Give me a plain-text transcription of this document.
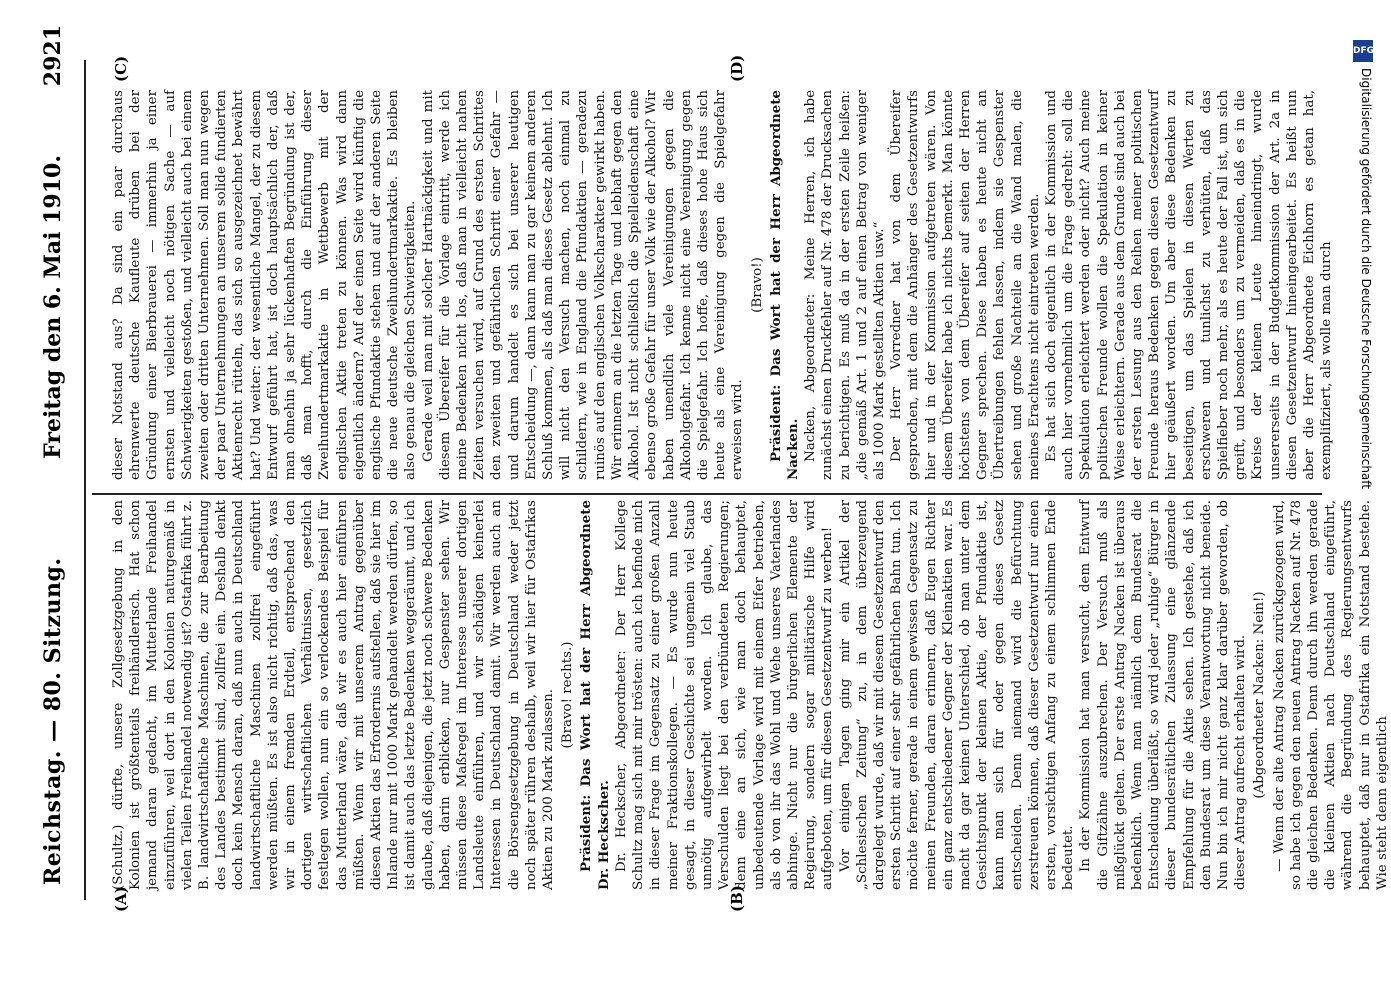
Reichstag. — 80. Sitzung.
Freitag den 6. Mai 1910.
2921
(A)	(B)
(C)	(D)

(Schultz.) dürfte, unsere Zollgesetzgebung in den Kolonien ist größtenteils freihändlerisch. Hat schon jemand daran gedacht, im Mutterlande Freihandel einzuführen, weil dort in den Kolonien naturgemäß in vielen Teilen Freihandel notwendig ist? Ostafrika führt z. B. landwirtschaftliche Maschinen, die zur Bearbeitung des Landes bestimmt sind, zollfrei ein. Deshalb denkt doch kein Mensch daran, daß nun auch in Deutschland landwirtschaftliche Maschinen zollfrei eingeführt werden müßten. Es ist also nicht richtig, daß das, was wir in einem fremden Erdteil, entsprechend den dortigen wirtschaftlichen Verhältnissen, gesetzlich festlegen wollen, nun ein so verlockendes Beispiel für das Mutterland wäre, daß wir es auch hier einführen müßten. Wenn wir mit unserem Antrag gegenüber diesen Aktien das Erfordernis aufstellen, daß sie hier im Inlande nur mit 1000 Mark gehandelt werden dürfen, so ist damit auch das letzte Bedenken weggeräumt, und ich glaube, daß diejenigen, die jetzt noch schwere Bedenken haben, darin erblicken, nur Gespenster sehen. Wir müssen diese Maßregel im Interesse unserer dortigen Landsleute einführen, und wir schädigen keinerlei Interessen in Deutschland damit. Wir werden auch an die Börsengesetzgebung in Deutschland weder jetzt noch später rühren deshalb, weil wir hier für Ostafrikas Aktien zu 200 Mark zulassen. (Bravo! rechts.) Präsident: Das Wort hat der Herr Abgeordnete Dr. Heckscher. Dr. Heckscher, Abgeordneter: Der Herr Kollege Schultz mag sich mit mir trösten: auch ich befinde mich in dieser Frage im Gegensatz zu einer großen Anzahl meiner Fraktionskollegen. — Es wurde nun heute gesagt, in dieser Geschichte sei ungemein viel Staub unnötig aufgewirbelt worden. Ich glaube, das Verschulden liegt bei den verbündeten Regierungen; denn eine an sich, wie man doch behauptet, unbedeutende Vorlage wird mit einem Eifer betrieben, als ob von ihr das Wohl und Wehe unseres Vaterlandes abhinge. Nicht nur die bürgerlichen Elemente der Regierung, sondern sogar militärische Hilfe wird aufgeboten, um für diesen Gesetzentwurf zu werben! Vor einigen Tagen ging mir ein Artikel der „Schlesischen Zeitung“ zu, in dem überzeugend dargelegt wurde, daß wir mit diesem Gesetzentwurf den ersten Schritt auf einer sehr gefährlichen Bahn tun. Ich möchte ferner, gerade in einem gewissen Gegensatz zu meinen Freunden, daran erinnern, daß Eugen Richter ein ganz entschiedener Gegner der Kleinaktien war. Es macht da gar keinen Unterschied, ob man unter dem Gesichtspunkt der kleinen Aktie, der Pfundaktie ist, kann man sich für oder gegen dieses Gesetz entscheiden. Denn niemand wird die Befürchtung zerstreuen können, daß dieser Gesetzentwurf nur einen ersten, vorsichtigen Anfang zu einem schlimmen Ende bedeutet. In der Kommission hat man versucht, dem Entwurf die Giftzähne auszubrechen. Der Versuch muß als mißglückt gelten. Der erste Antrag Nacken ist überaus bedenklich. Wenn man nämlich dem Bundesrat die Entscheidung überläßt, so wird jeder „ruhige“ Bürger in dieser bundesrätlichen Zulassung eine glänzende Empfehlung für die Aktie sehen. Ich gestehe, daß ich den Bundesrat um diese Verantwortung nicht beneide. Nun bin ich mir nicht ganz klar darüber geworden, ob dieser Antrag aufrecht erhalten wird. (Abgeordneter Nacken: Nein!) — Wenn der alte Antrag Nacken zurückgezogen wird, so habe ich gegen den neuen Antrag Nacken auf Nr. 478 die gleichen Bedenken. Denn durch ihn werden gerade die kleinen Aktien nach Deutschland eingeführt, während die Begründung des Regierungsentwurfs behauptet, daß nur in Ostafrika ein Notstand bestehe. Wie steht denn eigentlich

dieser Notstand aus? Da sind ein paar durchaus ehrenwerte deutsche Kaufleute drüben bei der Gründung einer Bierbrauerei — immerhin ja einer ernsten und vielleicht noch nötigen Sache — auf Schwierigkeiten gestoßen, und vielleicht auch bei einem zweiten oder dritten Unternehmen. Soll man nun wegen der paar Unternehmungen an unserem solide fundierten Aktienrecht rütteln, das sich so ausgezeichnet bewährt hat? Und weiter: der wesentliche Mangel, der zu diesem Entwurf geführt hat, ist doch hauptsächlich der, daß man ohnehin ja sehr lückenhaften Begründung ist der, daß man hofft, durch die Einführung dieser Zweihundertmarkaktie in Wettbewerb mit der englischen Aktie treten zu können. Was wird dann eigentlich ändern? Auf der einen Seite wird künftig die englische Pfundaktie stehen und auf der anderen Seite die neue deutsche Zweihundertmarkaktie. Es bleiben also genau die gleichen Schwierigkeiten. Gerade weil man mit solcher Hartnäckigkeit und mit diesem Übereifer für die Vorlage eintritt, werde ich meine Bedenken nicht los, daß man in vielleicht nahen Zeiten versuchen wird, auf Grund des ersten Schrittes den zweiten und gefährlichen Schritt einer Gefahr — und darum handelt es sich bei unserer heutigen Entscheidung —, dann kann man zu gar keinem anderen Schluß kommen, als daß man dieses Gesetz ablehnt. Ich will nicht den Versuch machen, noch einmal zu schildern, wie in England die Pfundaktien — geradezu ruinös auf den englischen Volkscharakter gewirkt haben. Wir erinnern an die letzten Tage und lebhaft gegen den Alkohol. Ist nicht schließlich die Spielleidenschaft eine ebenso große Gefahr für unser Volk wie der Alkohol? Wir haben unendlich viele Vereinigungen gegen die Alkoholgefahr. Ich kenne nicht eine Vereinigung gegen die Spielgefahr. Ich hoffe, daß dieses hohe Haus sich heute als eine Vereinigung gegen die Spielgefahr erweisen wird.

(Bravo!) Präsident: Das Wort hat der Herr Abgeordnete Nacken. Nacken, Abgeordneter: Meine Herren, ich habe zunächst einen Druckfehler auf Nr. 478 der Drucksachen zu berichtigen. Es muß da in der ersten Zeile heißen: „die gemäß Art. 1 und 2 auf einen Betrag von weniger als 1000 Mark gestellten Aktien usw.“ Der Herr Vorredner hat von dem Übereifer gesprochen, mit dem die Anhänger des Gesetzentwurfs hier und in der Kommission aufgetreten wären. Von diesem Übereifer habe ich nichts bemerkt. Man könnte höchstens von dem Übereifer auf seiten der Herren Gegner sprechen. Diese haben es heute nicht an Übertreibungen fehlen lassen, indem sie Gespenster sehen und große Nachteile an die Wand malen, die meines Erachtens nicht eintreten werden. Es hat sich doch eigentlich in der Kommission und auch hier vornehmlich um die Frage gedreht: soll die Spekulation erleichtert werden oder nicht? Auch meine politischen Freunde wollen die Spekulation in keiner Weise erleichtern. Gerade aus dem Grunde sind auch bei der ersten Lesung aus den Reihen meiner politischen Freunde heraus Bedenken gegen diesen Gesetzentwurf hier geäußert worden. Um aber diese Bedenken zu beseitigen, um das Spielen in diesen Werten zu erschweren und tunlichst zu verhüten, daß das Spielfieber noch mehr, als es heute der Fall ist, um sich greift, und besonders um zu vermeiden, daß es in die Kreise der kleinen Leute hineindringt, wurde unsererseits in der Budgetkommission der Art. 2a in diesen Gesetzentwurf hineingearbeitet. Es heißt nun aber die Herr Abgeordnete Eichhorn es getan hat, exemplifiziert, als wolle man durch

DFG
Digitalisierung gefördert durch die Deutsche Forschungsgemeinschaft
